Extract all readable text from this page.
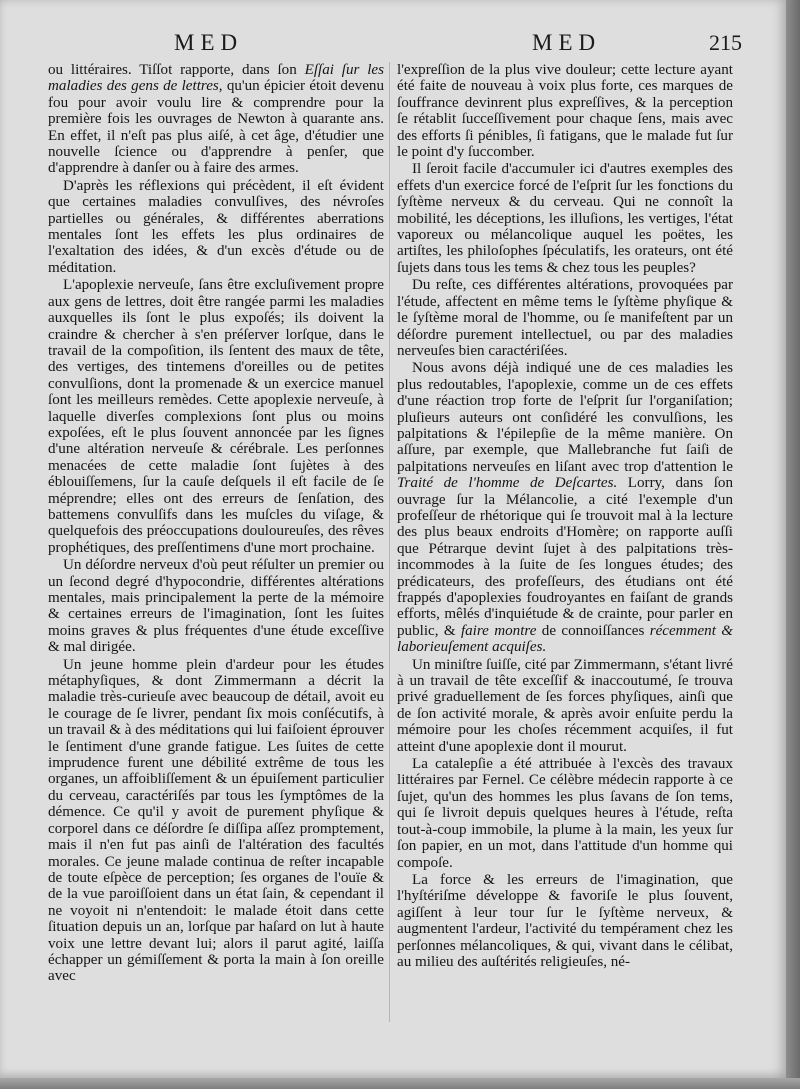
MED	MED	215

ou littéraires. Tiſſot rapporte, dans ſon Eſſai ſur les maladies des gens de lettres, qu'un épicier étoit devenu fou pour avoir voulu lire & comprendre pour la première fois les ouvrages de Newton à quarante ans. En effet, il n'eſt pas plus aiſé, à cet âge, d'étudier une nouvelle ſcience ou d'apprendre à penſer, que d'apprendre à danſer ou à faire des armes.

D'après les réflexions qui précèdent, il eſt évident que certaines maladies convulſives, des névroſes partielles ou générales, & différentes aberrations mentales ſont les effets les plus ordinaires de l'exaltation des idées, & d'un excès d'étude ou de méditation.

L'apoplexie nerveuſe, ſans être excluſivement propre aux gens de lettres, doit être rangée parmi les maladies auxquelles ils ſont le plus expoſés; ils doivent la craindre & chercher à s'en préſerver lorſque, dans le travail de la compoſition, ils ſentent des maux de tête, des vertiges, des tintemens d'oreilles ou de petites convulſions, dont la promenade & un exercice manuel ſont les meilleurs remèdes. Cette apoplexie nerveuſe, à laquelle diverſes complexions ſont plus ou moins expoſées, eſt le plus ſouvent annoncée par les ſignes d'une altération nerveuſe & cérébrale. Les perſonnes menacées de cette maladie ſont ſujètes à des éblouiſſemens, ſur la cauſe deſquels il eſt facile de ſe méprendre; elles ont des erreurs de ſenſation, des battemens convulſifs dans les muſcles du viſage, & quelquefois des préoccupations douloureuſes, des rêves prophétiques, des preſſentimens d'une mort prochaine.

Un déſordre nerveux d'où peut réſulter un premier ou un ſecond degré d'hypocondrie, différentes altérations mentales, mais principalement la perte de la mémoire & certaines erreurs de l'imagination, ſont les ſuites moins graves & plus fréquentes d'une étude exceſſive & mal dirigée.

Un jeune homme plein d'ardeur pour les études métaphyſiques, & dont Zimmermann a décrit la maladie très-curieuſe avec beaucoup de détail, avoit eu le courage de ſe livrer, pendant ſix mois conſécutifs, à un travail & à des méditations qui lui faiſoient éprouver le ſentiment d'une grande fatigue. Les ſuites de cette imprudence furent une débilité extrême de tous les organes, un affoibliſſement & un épuiſement particulier du cerveau, caractériſés par tous les ſymptômes de la démence. Ce qu'il y avoit de purement phyſique & corporel dans ce déſordre ſe diſſipa aſſez promptement, mais il n'en fut pas ainſi de l'altération des facultés morales. Ce jeune malade continua de reſter incapable de toute eſpèce de perception; ſes organes de l'ouïe & de la vue paroiſſoient dans un état ſain, & cependant il ne voyoit ni n'entendoit: le malade étoit dans cette ſituation depuis un an, lorſque par haſard on lut à haute voix une lettre devant lui; alors il parut agité, laiſſa échapper un gémiſſement & porta la main à ſon oreille avec

l'expreſſion de la plus vive douleur; cette lecture ayant été faite de nouveau à voix plus forte, ces marques de ſouffrance devinrent plus expreſſives, & la perception ſe rétablit ſucceſſivement pour chaque ſens, mais avec des efforts ſi pénibles, ſi fatigans, que le malade fut ſur le point d'y ſuccomber.

Il ſeroit facile d'accumuler ici d'autres exemples des effets d'un exercice forcé de l'eſprit ſur les fonctions du ſyſtème nerveux & du cerveau. Qui ne connoît la mobilité, les déceptions, les illuſions, les vertiges, l'état vaporeux ou mélancolique auquel les poëtes, les artiſtes, les philoſophes ſpéculatifs, les orateurs, ont été ſujets dans tous les tems & chez tous les peuples?

Du reſte, ces différentes altérations, provoquées par l'étude, affectent en même tems le ſyſtème phyſique & le ſyſtème moral de l'homme, ou ſe manifeſtent par un déſordre purement intellectuel, ou par des maladies nerveuſes bien caractériſées.

Nous avons déjà indiqué une de ces maladies les plus redoutables, l'apoplexie, comme un de ces effets d'une réaction trop forte de l'eſprit ſur l'organiſation; pluſieurs auteurs ont conſidéré les convulſions, les palpitations & l'épilepſie de la même manière. On aſſure, par exemple, que Mallebranche fut ſaiſi de palpitations nerveuſes en liſant avec trop d'attention le Traité de l'homme de Deſcartes. Lorry, dans ſon ouvrage ſur la Mélancolie, a cité l'exemple d'un profeſſeur de rhétorique qui ſe trouvoit mal à la lecture des plus beaux endroits d'Homère; on rapporte auſſi que Pétrarque devint ſujet à des palpitations très-incommodes à la ſuite de ſes longues études; des prédicateurs, des profeſſeurs, des étudians ont été frappés d'apoplexies foudroyantes en faiſant de grands efforts, mêlés d'inquiétude & de crainte, pour parler en public, & faire montre de connoiſſances récemment & laborieuſement acquiſes.

Un miniſtre ſuiſſe, cité par Zimmermann, s'étant livré à un travail de tête exceſſif & inaccoutumé, ſe trouva privé graduellement de ſes forces phyſiques, ainſi que de ſon activité morale, & après avoir enſuite perdu la mémoire pour les choſes récemment acquiſes, il fut atteint d'une apoplexie dont il mourut.

La catalepſie a été attribuée à l'excès des travaux littéraires par Fernel. Ce célèbre médecin rapporte à ce ſujet, qu'un des hommes les plus ſavans de ſon tems, qui ſe livroit depuis quelques heures à l'étude, reſta tout-à-coup immobile, la plume à la main, les yeux ſur ſon papier, en un mot, dans l'attitude d'un homme qui compoſe.

La force & les erreurs de l'imagination, que l'hyſtériſme développe & favoriſe le plus ſouvent, agiſſent à leur tour ſur le ſyſtème nerveux, & augmentent l'ardeur, l'activité du tempérament chez les perſonnes mélancoliques, & qui, vivant dans le célibat, au milieu des auſtérités religieuſes, né-
